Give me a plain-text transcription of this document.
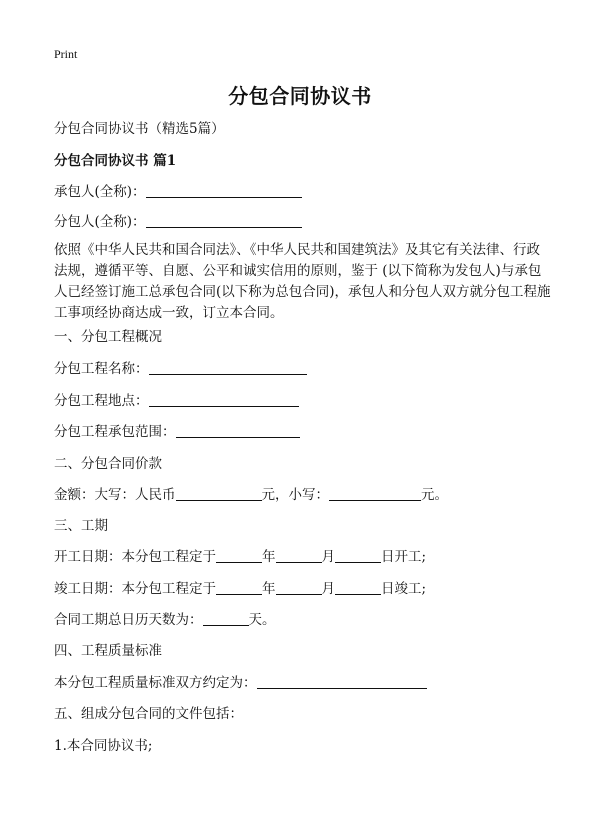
Print
分包合同协议书
分包合同协议书（精选5篇）
分包合同协议书 篇1
承包人(全称)：
分包人(全称)：
依照《中华人民共和国合同法》、《中华人民共和国建筑法》及其它有关法律、行政法规，遵循平等、自愿、公平和诚实信用的原则，鉴于 (以下简称为发包人)与承包人已经签订施工总承包合同(以下称为总包合同)，承包人和分包人双方就分包工程施工事项经协商达成一致，订立本合同。
一、分包工程概况
分包工程名称：
分包工程地点：
分包工程承包范围：
二、分包合同价款
金额：大写：人民币	元，小写：	元。
三、工期
开工日期：本分包工程定于	年	月	日开工;
竣工日期：本分包工程定于	年	月	日竣工;
合同工期总日历天数为：	天。
四、工程质量标准
本分包工程质量标准双方约定为：
五、组成分包合同的文件包括：
1.本合同协议书;
